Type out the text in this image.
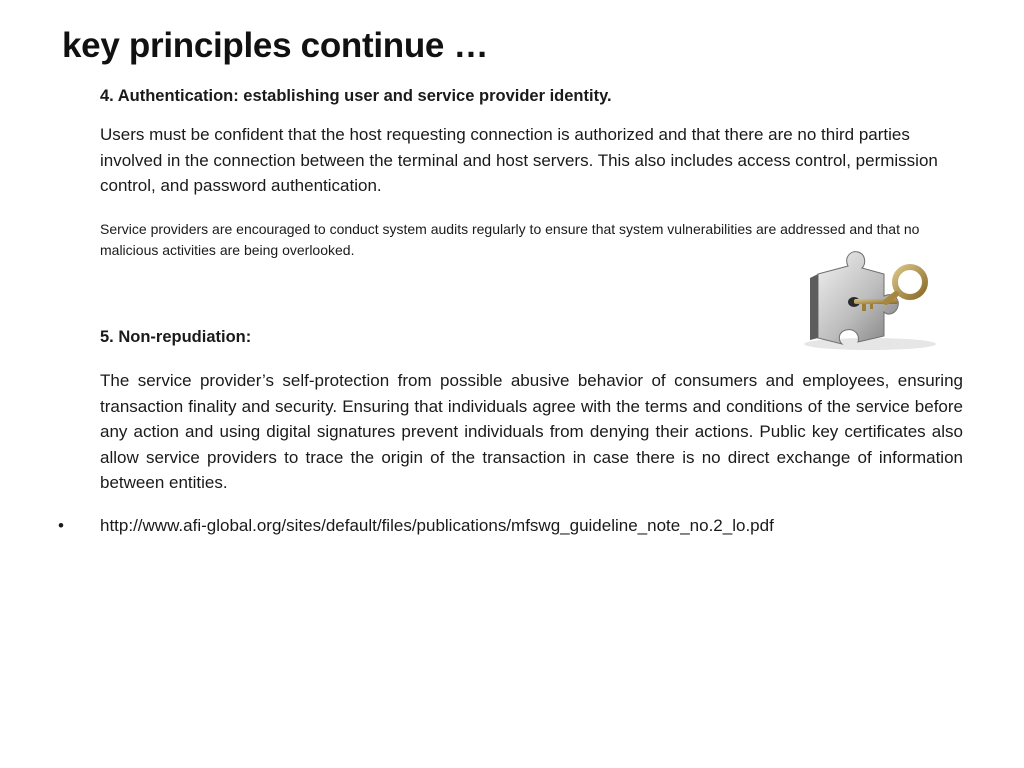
key principles continue …

4. Authentication: establishing user and service provider identity.

Users must be confident that the host requesting connection is authorized and that there are no third parties involved in the connection between the terminal and host servers. This also includes access control, permission control, and password authentication.

Service providers are encouraged to conduct system audits regularly to ensure that system vulnerabilities are addressed and that no malicious activities are being overlooked.

5. Non-repudiation:

The service provider’s self-protection from possible abusive behavior of consumers and employees, ensuring transaction finality and security. Ensuring that individuals agree with the terms and conditions of the service before any action and using digital signatures prevent individuals from denying their actions. Public key certificates also allow service providers to trace the origin of the transaction in case there is no direct exchange of information between entities.

•	http://www.afi-global.org/sites/default/files/publications/mfswg_guideline_note_no.2_lo.pdf
